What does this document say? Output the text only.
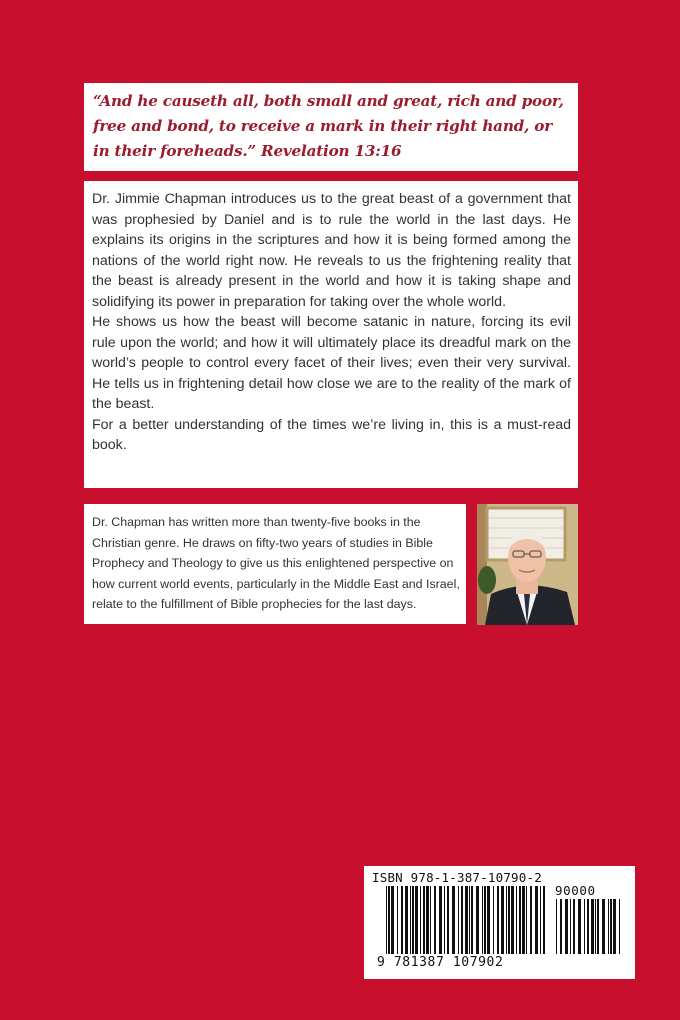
“And he causeth all, both small and great, rich and poor, free and bond, to receive a mark in their right hand, or in their foreheads.” Revelation 13:16

Dr. Jimmie Chapman introduces us to the great beast of a government that was prophesied by Daniel and is to rule the world in the last days. He explains its origins in the scriptures and how it is being formed among the nations of the world right now. He reveals to us the frightening reality that the beast is already present in the world and how it is taking shape and solidifying its power in preparation for taking over the whole world.

He shows us how the beast will become satanic in nature, forcing its evil rule upon the world; and how it will ultimately place its dreadful mark on the world’s people to control every facet of their lives; even their very survival. He tells us in frightening detail how close we are to the reality of the mark of the beast.

For a better understanding of the times we’re living in, this is a must-read book.

Dr. Chapman has written more than twenty-five books in the Christian genre. He draws on fifty-two years of studies in Bible Prophecy and Theology to give us this enlightened perspective on how current world events, particularly in the Middle East and Israel, relate to the fulfillment of Bible prophecies for the last days.

ISBN 978-1-387-10790-2
90000
9 781387 107902
